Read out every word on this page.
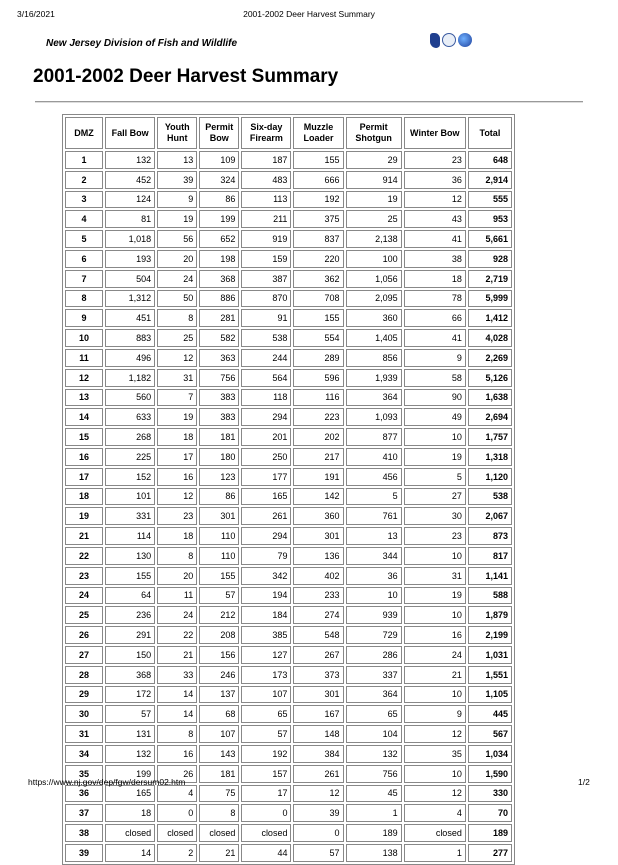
3/16/2021	2001-2002 Deer Harvest Summary
New Jersey Division of Fish and Wildlife
2001-2002 Deer Harvest Summary
DMZ	Fall Bow	Youth Hunt	Permit Bow	Six-day Firearm	Muzzle Loader	Permit Shotgun	Winter Bow	Total
1	132	13	109	187	155	29	23	648
2	452	39	324	483	666	914	36	2,914
3	124	9	86	113	192	19	12	555
4	81	19	199	211	375	25	43	953
5	1,018	56	652	919	837	2,138	41	5,661
6	193	20	198	159	220	100	38	928
7	504	24	368	387	362	1,056	18	2,719
8	1,312	50	886	870	708	2,095	78	5,999
9	451	8	281	91	155	360	66	1,412
10	883	25	582	538	554	1,405	41	4,028
11	496	12	363	244	289	856	9	2,269
12	1,182	31	756	564	596	1,939	58	5,126
13	560	7	383	118	116	364	90	1,638
14	633	19	383	294	223	1,093	49	2,694
15	268	18	181	201	202	877	10	1,757
16	225	17	180	250	217	410	19	1,318
17	152	16	123	177	191	456	5	1,120
18	101	12	86	165	142	5	27	538
19	331	23	301	261	360	761	30	2,067
21	114	18	110	294	301	13	23	873
22	130	8	110	79	136	344	10	817
23	155	20	155	342	402	36	31	1,141
24	64	11	57	194	233	10	19	588
25	236	24	212	184	274	939	10	1,879
26	291	22	208	385	548	729	16	2,199
27	150	21	156	127	267	286	24	1,031
28	368	33	246	173	373	337	21	1,551
29	172	14	137	107	301	364	10	1,105
30	57	14	68	65	167	65	9	445
31	131	8	107	57	148	104	12	567
34	132	16	143	192	384	132	35	1,034
35	199	26	181	157	261	756	10	1,590
36	165	4	75	17	12	45	12	330
37	18	0	8	0	39	1	4	70
38	closed	closed	closed	closed	0	189	closed	189
39	14	2	21	44	57	138	1	277
https://www.nj.gov/dep/fgw/dersum02.htm	1/2
